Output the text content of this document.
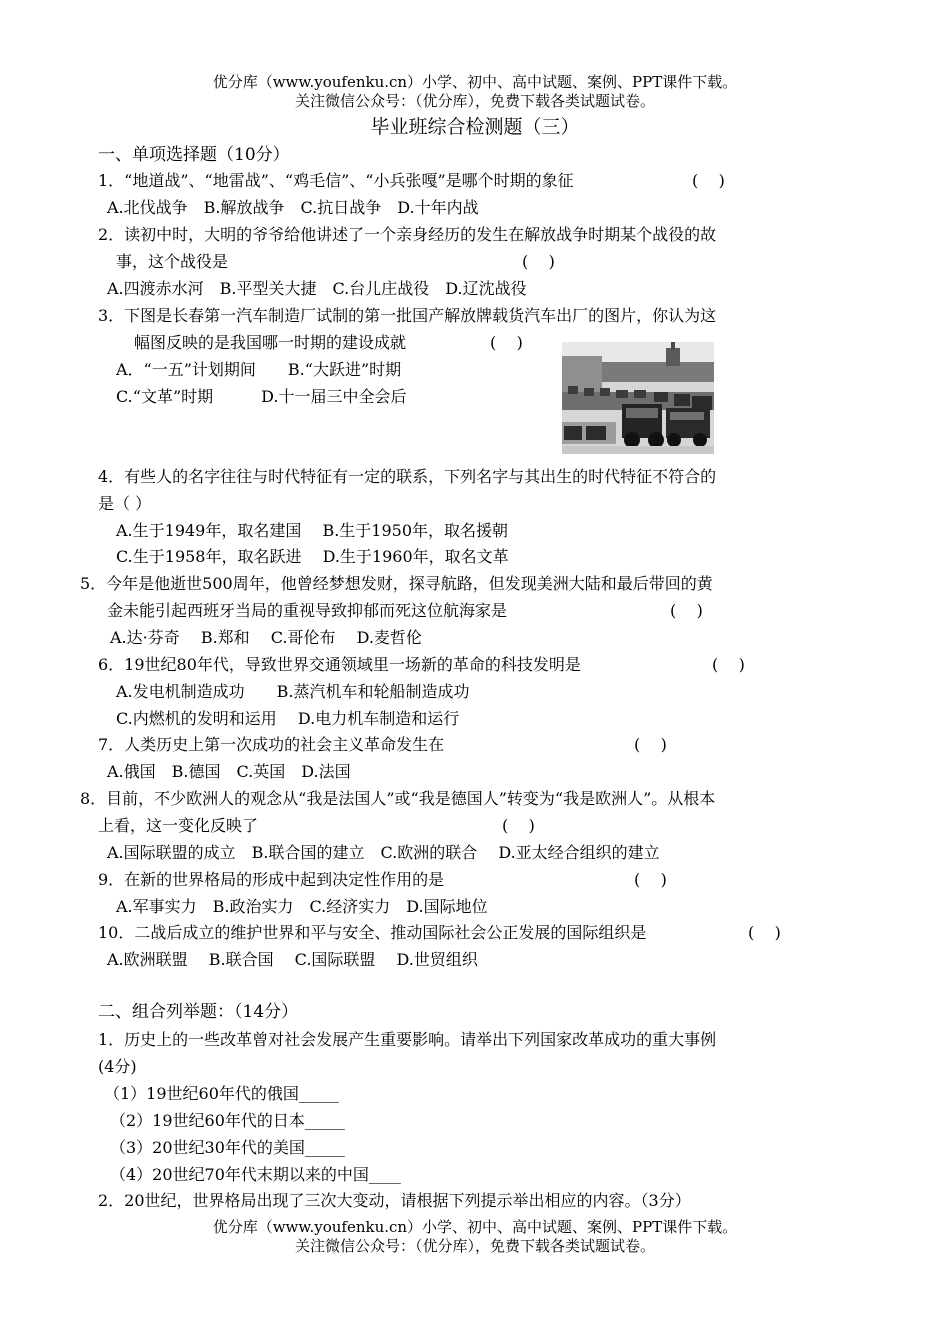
优分库（www.youfenku.cn）小学、初中、高中试题、案例、PPT课件下载。
关注微信公众号：（优分库），免费下载各类试题试卷。
毕业班综合检测题（三）
一、单项选择题（10分）
1．“地道战”、“地雷战”、“鸡毛信”、“小兵张嘎”是哪个时期的象征	(    )
A.北伐战争　B.解放战争　C.抗日战争　D.十年内战
2．读初中时，大明的爷爷给他讲述了一个亲身经历的发生在解放战争时期某个战役的故
事，这个战役是	(    )
A.四渡赤水河　B.平型关大捷　C.台儿庄战役　D.辽沈战役
3．下图是长春第一汽车制造厂试制的第一批国产解放牌载货汽车出厂的图片，你认为这
幅图反映的是我国哪一时期的建设成就	(    )
A．“一五”计划期间　　B.“大跃进”时期
C.“文革”时期　　　D.十一届三中全会后
4．有些人的名字往往与时代特征有一定的联系，下列名字与其出生的时代特征不符合的
是（ ）
A.生于1949年，取名建国　 B.生于1950年，取名援朝
C.生于1958年，取名跃进　 D.生于1960年，取名文革
5．今年是他逝世500周年，他曾经梦想发财，探寻航路，但发现美洲大陆和最后带回的黄
金未能引起西班牙当局的重视导致抑郁而死这位航海家是	(    )
A.达·芬奇　 B.郑和　 C.哥伦布　 D.麦哲伦
6．19世纪80年代，导致世界交通领域里一场新的革命的科技发明是	(    )
A.发电机制造成功　　B.蒸汽机车和轮船制造成功
C.内燃机的发明和运用　 D.电力机车制造和运行
7．人类历史上第一次成功的社会主义革命发生在	(    )
A.俄国　B.德国　C.英国　D.法国
8．目前，不少欧洲人的观念从“我是法国人”或“我是德国人”转变为“我是欧洲人”。从根本
上看，这一变化反映了	(    )
A.国际联盟的成立　B.联合国的建立　C.欧洲的联合　 D.亚太经合组织的建立
9．在新的世界格局的形成中起到决定性作用的是	(    )
A.军事实力　B.政治实力　C.经济实力　D.国际地位
10．二战后成立的维护世界和平与安全、推动国际社会公正发展的国际组织是	(    )
A.欧洲联盟　 B.联合国　 C.国际联盟　 D.世贸组织
二、组合列举题：（14分）
1．历史上的一些改革曾对社会发展产生重要影响。请举出下列国家改革成功的重大事例
(4分)
（1）19世纪60年代的俄国_____
（2）19世纪60年代的日本_____
（3）20世纪30年代的美国_____
（4）20世纪70年代末期以来的中国____
2．20世纪，世界格局出现了三次大变动，请根据下列提示举出相应的内容。（3分）
优分库（www.youfenku.cn）小学、初中、高中试题、案例、PPT课件下载。
关注微信公众号：（优分库），免费下载各类试题试卷。
